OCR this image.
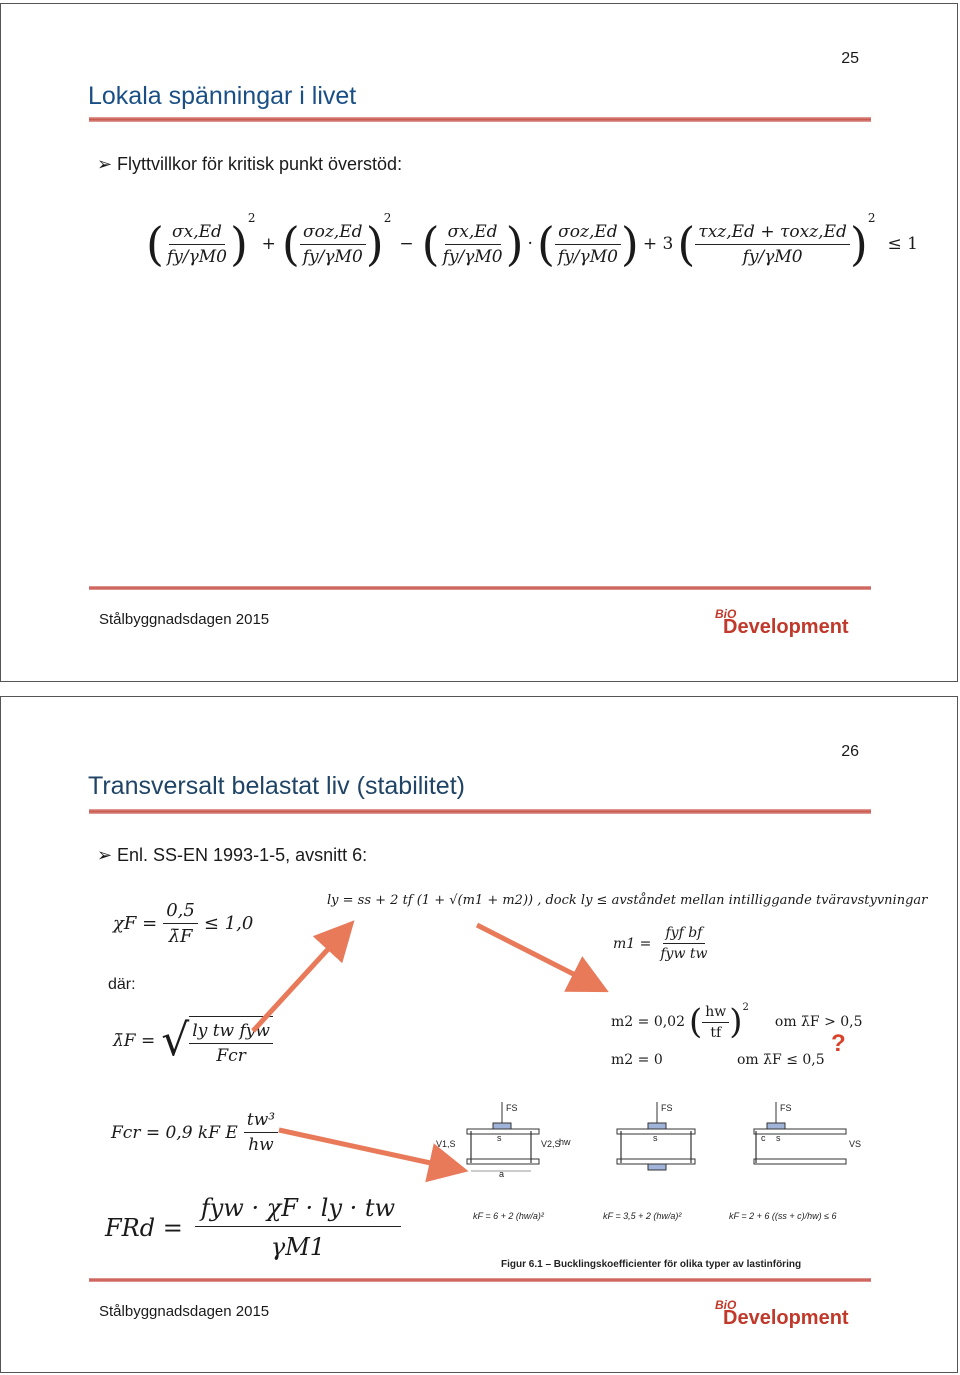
25
Lokala spänningar i livet
➢ Flyttvillkor för kritisk punkt överstöd:
( $\frac{\sigma x,Ed}{fy/\gamma M0} )^2$
+ ( $\frac{\text{σoz,Ed}}{fy/\gamma M0} )^2$
− ( $\frac{\sigma x,Ed}{fy/\gamma M0}$ ) · ( $\frac{\text{σoz,Ed}}{fy/\gamma M0}$ ) + 3 ( $\frac{\text{τxz,Ed + τoxz,Ed}}{fy/\gamma M0} )^2$
≤ 1
Stålbyggnadsdagen 2015	BiO
Development
26
Transversalt belastat liv (stabilitet)
➢ Enl. SS-EN 1993-1-5, avsnitt 6:
$\chi F = \frac{0,5}{\lambdāF} \le 1,0$
där:
λ̄F = √ $\frac{\text{ly tw fyw}}{\text{Fcr}}$
ly = ss + 2 tf (1 + √(m1 + m2)) , dock ly ≤ avståndet mellan intilliggande tväravstyvningar
$m1 = \frac{\text{fyf bf}}{\text{fyw tw}}$
m2 = 0,02 ( $\frac{hw}{tf} )^2$
om λ̄F > 0,5
m2 = 0	om λ̄F ≤ 0,5
?
Fcr = 0,9 kF E $\frac{\text{tw³}}{hw}$
FRd = $\frac{\text{fyw · χF · ly · tw}}{\gamma M1}$
FS
V1,S	V2,S
hw
s
a
FS
s
FS
c s
VS
kF = 6 + 2 (hw/a)²	kF = 3,5 + 2 (hw/a)²	kF = 2 + 6 ((ss + c)/hw) ≤ 6
Figur 6.1 – Bucklingskoefficienter för olika typer av lastinföring
Stålbyggnadsdagen 2015	BiO
Development
